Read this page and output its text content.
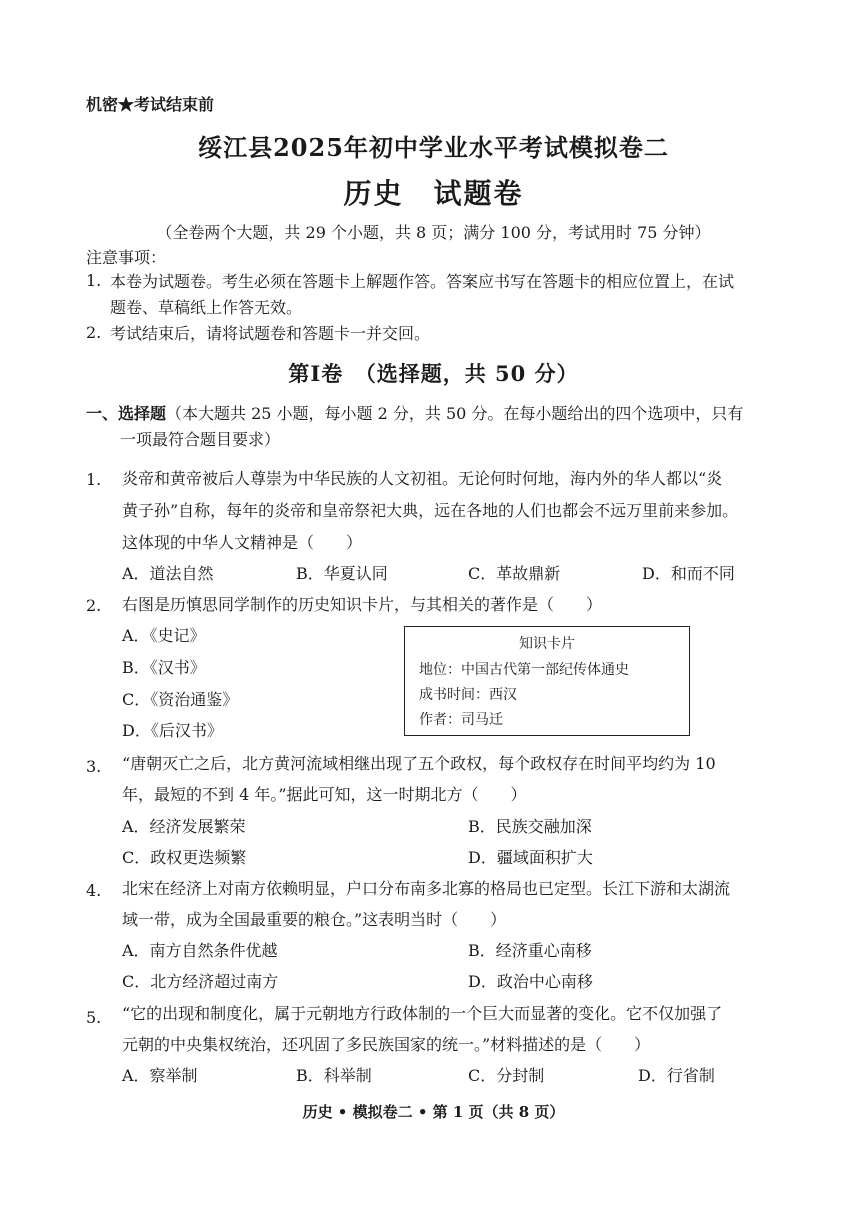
机密★考试结束前
绥江县2025年初中学业水平考试模拟卷二
历史　试题卷
（全卷两个大题，共 29 个小题，共 8 页；满分 100 分，考试用时 75 分钟）
注意事项：
1. 本卷为试题卷。考生必须在答题卡上解题作答。答案应书写在答题卡的相应位置上，在试
题卷、草稿纸上作答无效。
2. 考试结束后，请将试题卷和答题卡一并交回。
第Ⅰ卷　（选择题，共 50 分）
一、选择题（本大题共 25 小题，每小题 2 分，共 50 分。在每小题给出的四个选项中，只有
一项最符合题目要求）
1. 炎帝和黄帝被后人尊崇为中华民族的人文初祖。无论何时何地，海内外的华人都以“炎
黄子孙”自称，每年的炎帝和皇帝祭祀大典，远在各地的人们也都会不远万里前来参加。
这体现的中华人文精神是（　　）
A．道法自然	B．华夏认同	C．革故鼎新	D．和而不同
2. 右图是历慎思同学制作的历史知识卡片，与其相关的著作是（　　）
A．《史记》
B．《汉书》
C．《资治通鉴》
D．《后汉书》
知识卡片
地位：中国古代第一部纪传体通史
成书时间：西汉
作者：司马迁
3. “唐朝灭亡之后，北方黄河流域相继出现了五个政权，每个政权存在时间平均约为 10
年，最短的不到 4 年。”据此可知，这一时期北方（　　）
A．经济发展繁荣	B．民族交融加深
C．政权更迭频繁	D．疆域面积扩大
4. 北宋在经济上对南方依赖明显，户口分布南多北寡的格局也已定型。长江下游和太湖流
域一带，成为全国最重要的粮仓。”这表明当时（　　）
A．南方自然条件优越	B．经济重心南移
C．北方经济超过南方	D．政治中心南移
5. “它的出现和制度化，属于元朝地方行政体制的一个巨大而显著的变化。它不仅加强了
元朝的中央集权统治，还巩固了多民族国家的统一。”材料描述的是（　　）
A．察举制	B．科举制	C．分封制	D．行省制
历史 • 模拟卷二 • 第 1 页（共 8 页）
